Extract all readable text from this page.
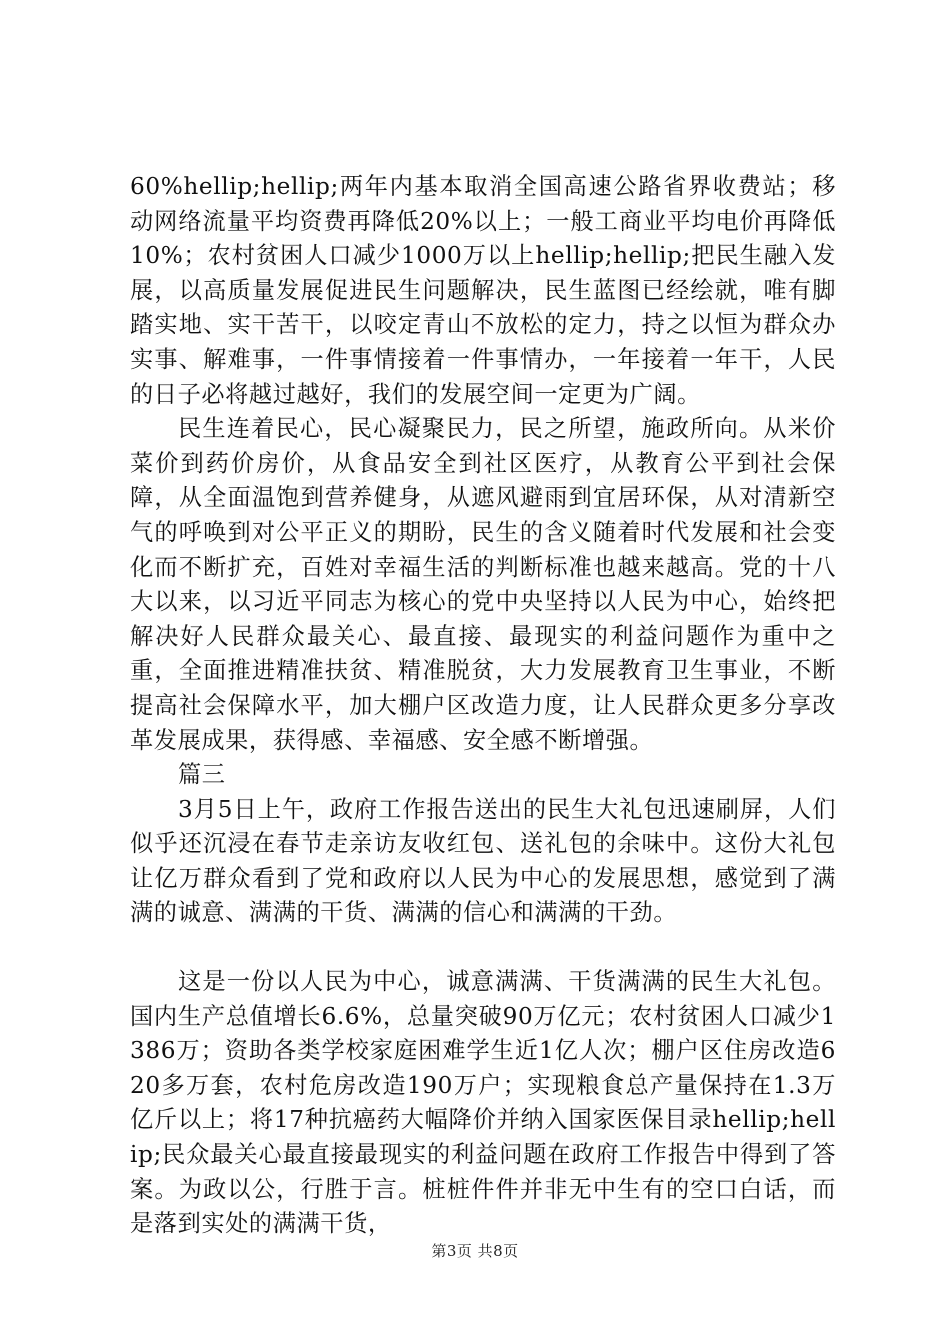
60%hellip;hellip;两年内基本取消全国高速公路省界收费站；移动网络流量平均资费再降低20%以上；一般工商业平均电价再降低10%；农村贫困人口减少1000万以上hellip;hellip;把民生融入发展，以高质量发展促进民生问题解决，民生蓝图已经绘就，唯有脚踏实地、实干苦干，以咬定青山不放松的定力，持之以恒为群众办实事、解难事，一件事情接着一件事情办，一年接着一年干，人民的日子必将越过越好，我们的发展空间一定更为广阔。

民生连着民心，民心凝聚民力，民之所望，施政所向。从米价菜价到药价房价，从食品安全到社区医疗，从教育公平到社会保障，从全面温饱到营养健身，从遮风避雨到宜居环保，从对清新空气的呼唤到对公平正义的期盼，民生的含义随着时代发展和社会变化而不断扩充，百姓对幸福生活的判断标准也越来越高。党的十八大以来，以习近平同志为核心的党中央坚持以人民为中心，始终把解决好人民群众最关心、最直接、最现实的利益问题作为重中之重，全面推进精准扶贫、精准脱贫，大力发展教育卫生事业，不断提高社会保障水平，加大棚户区改造力度，让人民群众更多分享改革发展成果，获得感、幸福感、安全感不断增强。

篇三

3月5日上午，政府工作报告送出的民生大礼包迅速刷屏，人们似乎还沉浸在春节走亲访友收红包、送礼包的余味中。这份大礼包让亿万群众看到了党和政府以人民为中心的发展思想，感觉到了满满的诚意、满满的干货、满满的信心和满满的干劲。

这是一份以人民为中心，诚意满满、干货满满的民生大礼包。国内生产总值增长6.6%，总量突破90万亿元；农村贫困人口减少1386万；资助各类学校家庭困难学生近1亿人次；棚户区住房改造620多万套，农村危房改造190万户；实现粮食总产量保持在1.3万亿斤以上；将17种抗癌药大幅降价并纳入国家医保目录hellip;hellip;民众最关心最直接最现实的利益问题在政府工作报告中得到了答案。为政以公，行胜于言。桩桩件件并非无中生有的空口白话，而是落到实处的满满干货，

第3页 共8页
